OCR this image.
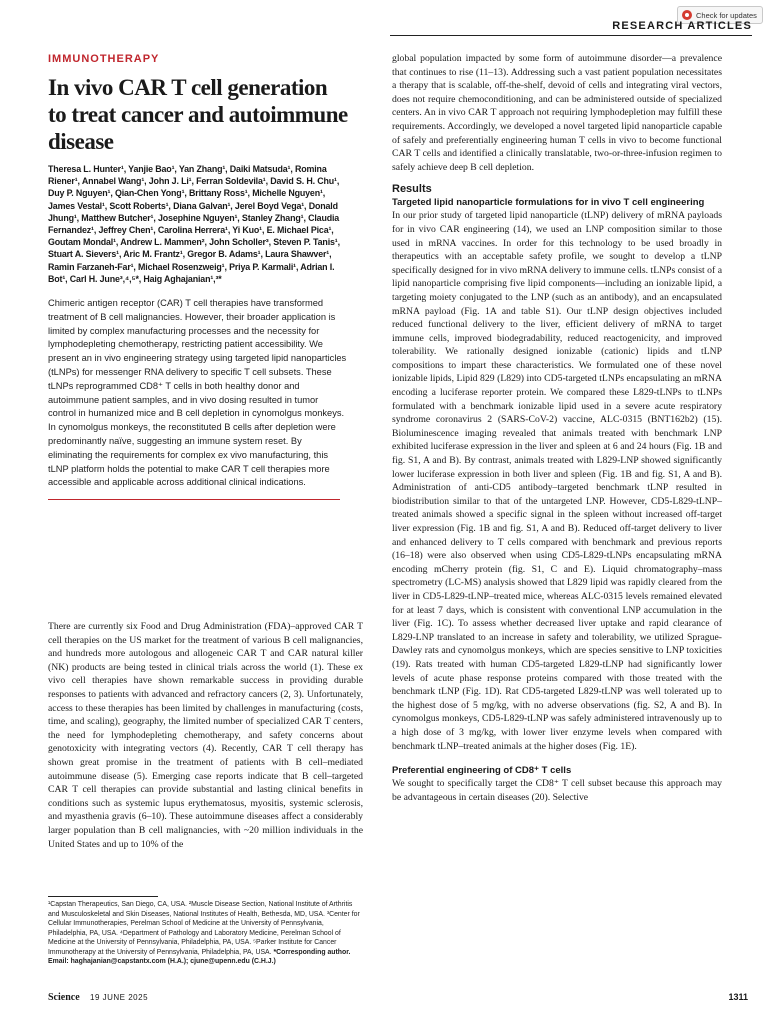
Check for updates
RESEARCH ARTICLES

IMMUNOTHERAPY

In vivo CAR T cell generation to treat cancer and autoimmune disease

Theresa L. Hunter¹, Yanjie Bao¹, Yan Zhang¹, Daiki Matsuda¹, Romina Riener¹, Annabel Wang¹, John J. Li¹, Ferran Soldevila¹, David S. H. Chu¹, Duy P. Nguyen¹, Qian-Chen Yong¹, Brittany Ross¹, Michelle Nguyen¹, James Vestal¹, Scott Roberts¹, Diana Galvan¹, Jerel Boyd Vega¹, Donald Jhung¹, Matthew Butcher¹, Josephine Nguyen¹, Stanley Zhang¹, Claudia Fernandez¹, Jeffrey Chen¹, Carolina Herrera¹, Yi Kuo¹, E. Michael Pica¹, Goutam Mondal¹, Andrew L. Mammen², John Scholler³, Steven P. Tanis¹, Stuart A. Sievers¹, Aric M. Frantz¹, Gregor B. Adams¹, Laura Shawver¹, Ramin Farzaneh-Far¹, Michael Rosenzweig¹, Priya P. Karmali¹, Adrian I. Bot¹, Carl H. June³,⁴,⁵*, Haig Aghajanian¹,³*

Chimeric antigen receptor (CAR) T cell therapies have transformed treatment of B cell malignancies. However, their broader application is limited by complex manufacturing processes and the necessity for lymphodepleting chemotherapy, restricting patient accessibility. We present an in vivo engineering strategy using targeted lipid nanoparticles (tLNPs) for messenger RNA delivery to specific T cell subsets. These tLNPs reprogrammed CD8⁺ T cells in both healthy donor and autoimmune patient samples, and in vivo dosing resulted in tumor control in humanized mice and B cell depletion in cynomolgus monkeys. In cynomolgus monkeys, the reconstituted B cells after depletion were predominantly naïve, suggesting an immune system reset. By eliminating the requirements for complex ex vivo manufacturing, this tLNP platform holds the potential to make CAR T cell therapies more accessible and applicable across additional clinical indications.

There are currently six Food and Drug Administration (FDA)–approved CAR T cell therapies on the US market for the treatment of various B cell malignancies, and hundreds more autologous and allogeneic CAR T and CAR natural killer (NK) products are being tested in clinical trials across the world (1). These ex vivo cell therapies have shown remarkable success in providing durable responses to patients with advanced and refractory cancers (2, 3). Unfortunately, access to these therapies has been limited by challenges in manufacturing (costs, time, and scaling), geography, the limited number of specialized CAR T centers, the need for lymphodepleting chemotherapy, and safety concerns about genotoxicity with integrating vectors (4). Recently, CAR T cell therapy has shown great promise in the treatment of patients with B cell–mediated autoimmune disease (5). Emerging case reports indicate that B cell–targeted CAR T cell therapies can provide substantial and lasting clinical benefits in conditions such as systemic lupus erythematosus, myositis, systemic sclerosis, and myasthenia gravis (6–10). These autoimmune diseases affect a considerably larger population than B cell malignancies, with ~20 million individuals in the United States and up to 10% of the

¹Capstan Therapeutics, San Diego, CA, USA. ²Muscle Disease Section, National Institute of Arthritis and Musculoskeletal and Skin Diseases, National Institutes of Health, Bethesda, MD, USA. ³Center for Cellular Immunotherapies, Perelman School of Medicine at the University of Pennsylvania, Philadelphia, PA, USA. ⁴Department of Pathology and Laboratory Medicine, Perelman School of Medicine at the University of Pennsylvania, Philadelphia, PA, USA. ⁵Parker Institute for Cancer Immunotherapy at the University of Pennsylvania, Philadelphia, PA, USA. *Corresponding author. Email: haghajanian@capstantx.com (H.A.); cjune@upenn.edu (C.H.J.)

global population impacted by some form of autoimmune disorder—a prevalence that continues to rise (11–13). Addressing such a vast patient population necessitates a therapy that is scalable, off-the-shelf, devoid of cells and integrating viral vectors, does not require chemoconditioning, and can be administered outside of specialized centers. An in vivo CAR T approach not requiring lymphodepletion may fulfill these requirements. Accordingly, we developed a novel targeted lipid nanoparticle capable of safely and preferentially engineering human T cells in vivo to become functional CAR T cells and identified a clinically translatable, two-or-three-infusion regimen to safely achieve deep B cell depletion.

Results
Targeted lipid nanoparticle formulations for in vivo T cell engineering

In our prior study of targeted lipid nanoparticle (tLNP) delivery of mRNA payloads for in vivo CAR engineering (14), we used an LNP composition similar to those used in mRNA vaccines. In order for this technology to be used broadly in therapeutics with an acceptable safety profile, we sought to develop a tLNP specifically designed for in vivo mRNA delivery to immune cells. tLNPs consist of a lipid nanoparticle comprising five lipid components—including an ionizable lipid, a targeting moiety conjugated to the LNP (such as an antibody), and an encapsulated mRNA payload (Fig. 1A and table S1). Our tLNP design objectives included reduced functional delivery to the liver, efficient delivery of mRNA to target immune cells, improved biodegradability, reduced reactogenicity, and improved tolerability. We rationally designed ionizable (cationic) lipids and tLNP compositions to impart these characteristics. We formulated one of these novel ionizable lipids, Lipid 829 (L829) into CD5-targeted tLNPs encapsulating an mRNA encoding a luciferase reporter protein. We compared these L829-tLNPs to tLNPs formulated with a benchmark ionizable lipid used in a severe acute respiratory syndrome coronavirus 2 (SARS-CoV-2) vaccine, ALC-0315 (BNT162b2) (15). Bioluminescence imaging revealed that animals treated with benchmark LNP exhibited luciferase expression in the liver and spleen at 6 and 24 hours (Fig. 1B and fig. S1, A and B). By contrast, animals treated with L829-LNP showed significantly lower luciferase expression in both liver and spleen (Fig. 1B and fig. S1, A and B). Administration of anti-CD5 antibody–targeted benchmark tLNP resulted in biodistribution similar to that of the untargeted LNP. However, CD5-L829-tLNP–treated animals showed a specific signal in the spleen without increased off-target liver expression (Fig. 1B and fig. S1, A and B). Reduced off-target delivery to liver and enhanced delivery to T cells compared with benchmark and previous reports (16–18) were also observed when using CD5-L829-tLNPs encapsulating mRNA encoding mCherry protein (fig. S1, C and E). Liquid chromatography–mass spectrometry (LC-MS) analysis showed that L829 lipid was rapidly cleared from the liver in CD5-L829-tLNP–treated mice, whereas ALC-0315 levels remained elevated for at least 7 days, which is consistent with conventional LNP accumulation in the liver (Fig. 1C). To assess whether decreased liver uptake and rapid clearance of L829-LNP translated to an increase in safety and tolerability, we utilized Sprague-Dawley rats and cynomolgus monkeys, which are species sensitive to LNP toxicities (19). Rats treated with human CD5-targeted L829-tLNP had significantly lower levels of acute phase response proteins compared with those treated with the benchmark tLNP (Fig. 1D). Rat CD5-targeted L829-tLNP was well tolerated up to the highest dose of 5 mg/kg, with no adverse observations (fig. S2, A and B). In cynomolgus monkeys, CD5-L829-tLNP was safely administered intravenously up to a high dose of 3 mg/kg, with lower liver enzyme levels when compared with benchmark tLNP–treated animals at the higher doses (Fig. 1E).

Preferential engineering of CD8⁺ T cells

We sought to specifically target the CD8⁺ T cell subset because this approach may be advantageous in certain diseases (20). Selective

Science 19 JUNE 2025	1311
